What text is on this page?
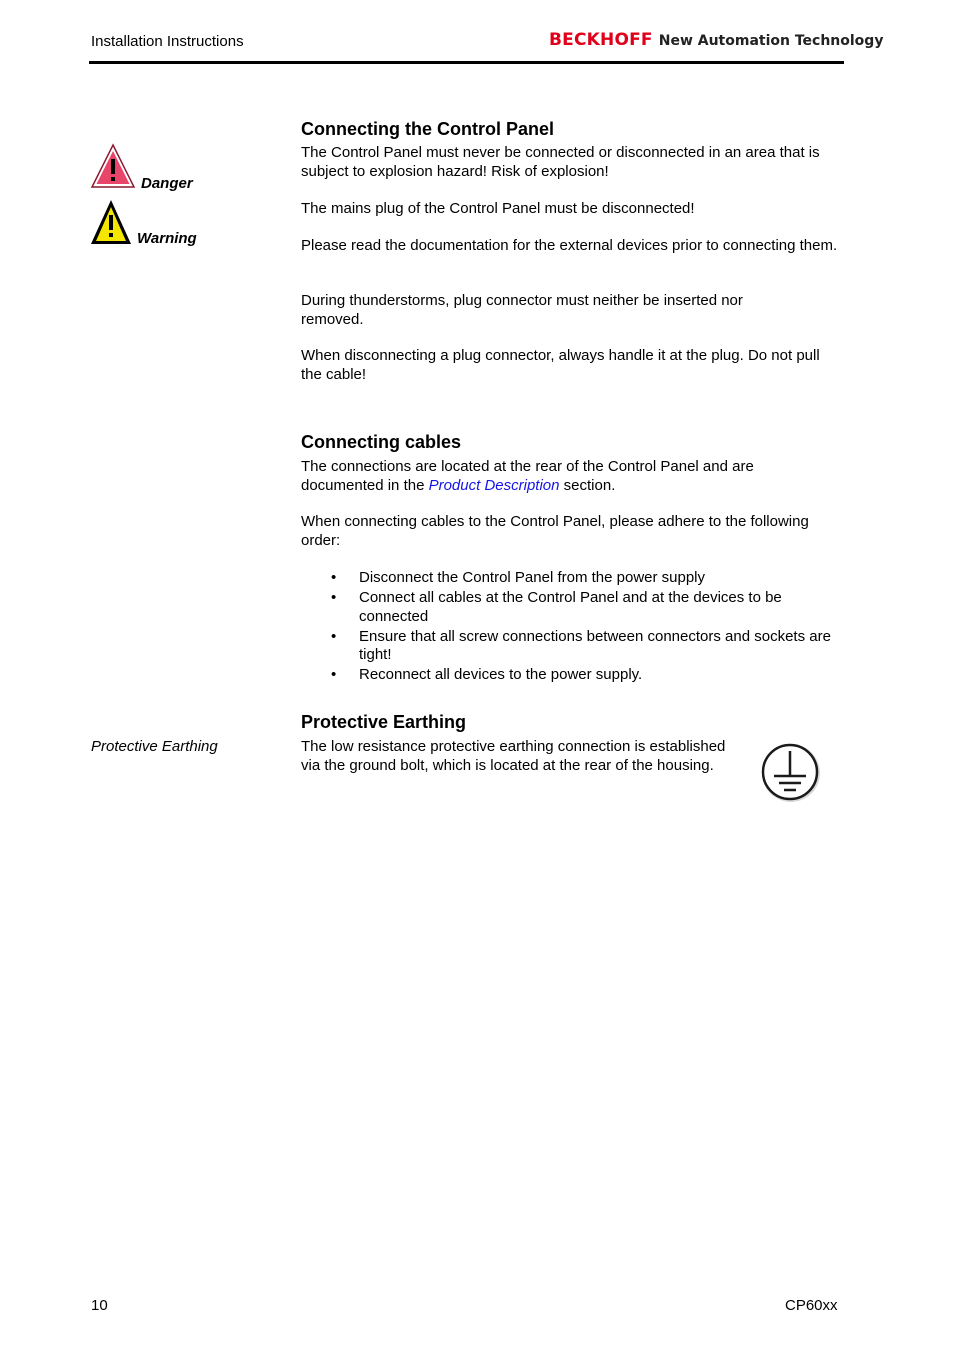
Installation Instructions	BECKHOFF New Automation Technology
Danger
Warning
Connecting the Control Panel

The Control Panel must never be connected or disconnected in an area that is subject to explosion hazard! Risk of explosion!

The mains plug of the Control Panel must be disconnected!

Please read the documentation for the external devices prior to connecting them.

During thunderstorms, plug connector must neither be inserted nor removed.

When disconnecting a plug connector, always handle it at the plug. Do not pull the cable!

Connecting cables

The connections are located at the rear of the Control Panel and are documented in the Product Description section.

When connecting cables to the Control Panel, please adhere to the following order:

• Disconnect the Control Panel from the power supply
• Connect all cables at the Control Panel and at the devices to be connected
• Ensure that all screw connections between connectors and sockets are tight!
• Reconnect all devices to the power supply.
Protective Earthing
Protective Earthing	The low resistance protective earthing connection is established via the ground bolt, which is located at the rear of the housing.

10	CP60xx
